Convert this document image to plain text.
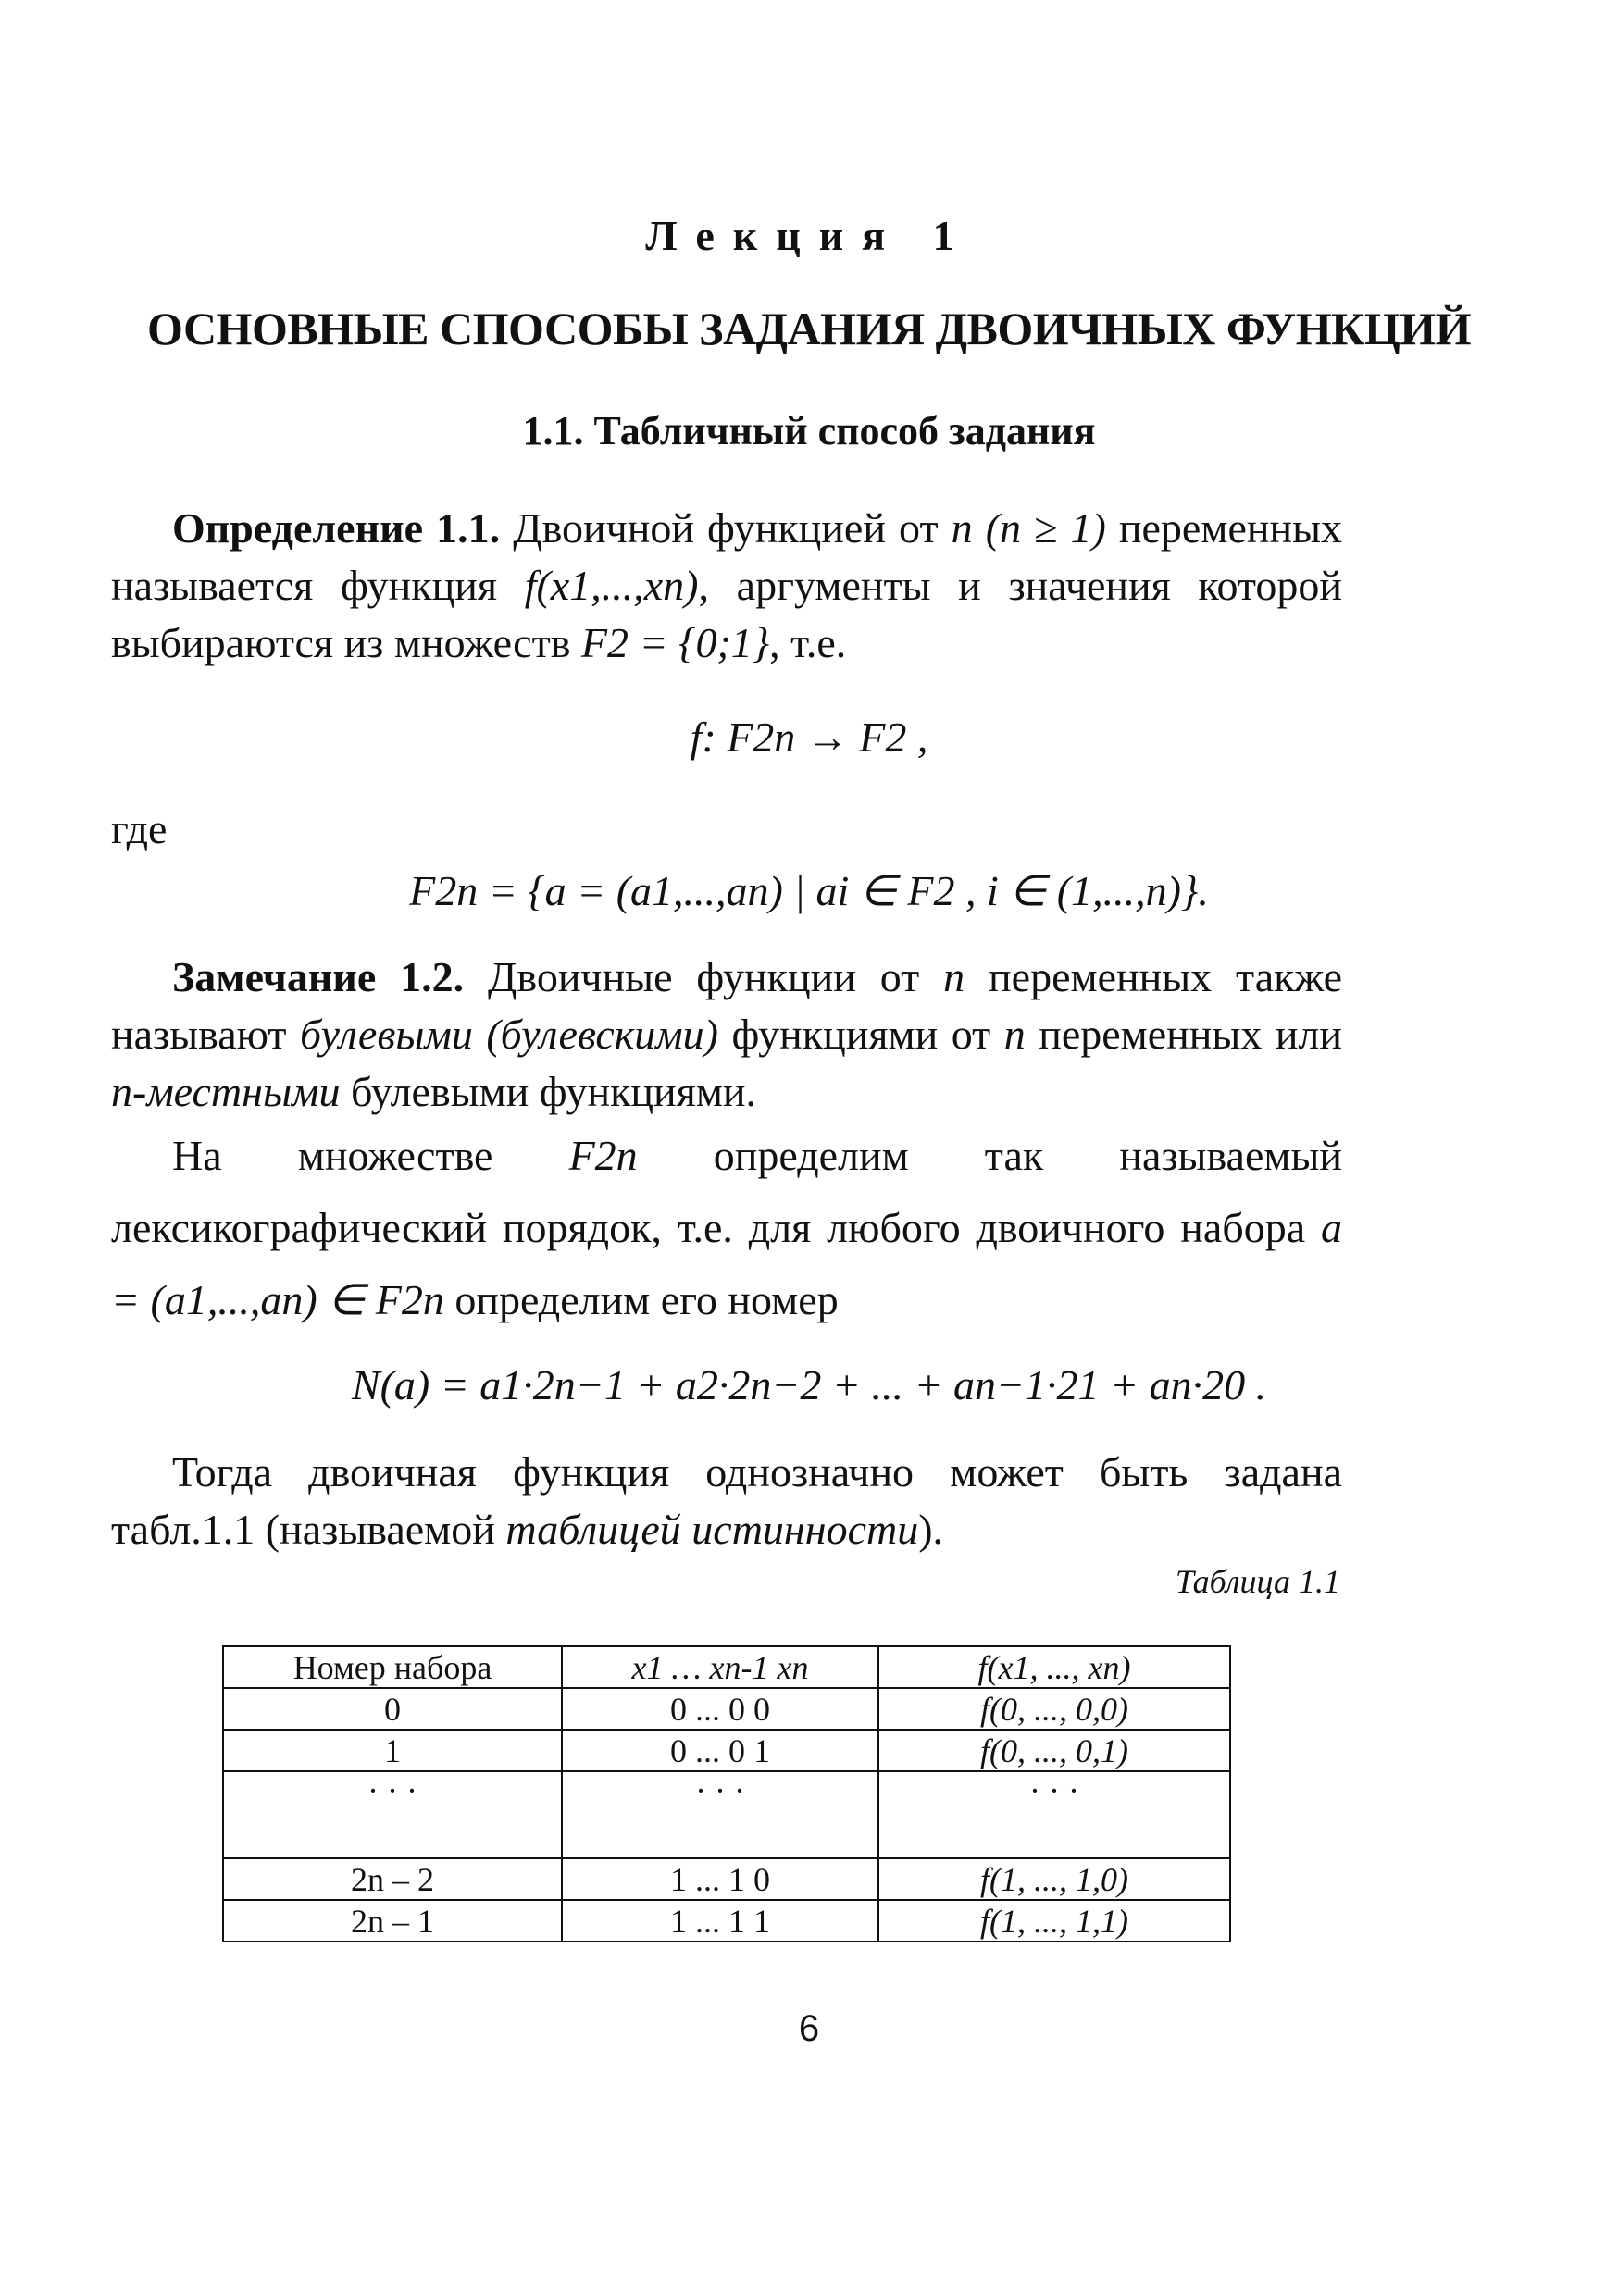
Лекция 1
ОСНОВНЫЕ СПОСОБЫ ЗАДАНИЯ ДВОИЧНЫХ ФУНКЦИЙ
1.1. Табличный способ задания
Определение 1.1. Двоичной функцией от n (n ≥ 1) переменных называется функция f(x1,...,xn), аргументы и значения которой выбираются из множеств F2 = {0;1}, т.е.
f: F2n → F2 ,
где
F2n = {a = (a1,...,an) | ai ∈ F2 , i ∈ (1,...,n)}.
Замечание 1.2. Двоичные функции от n переменных также называют булевыми (булевскими) функциями от n переменных или n-местными булевыми функциями.
На множестве F2n определим так называемый лексикографический порядок, т.е. для любого двоичного набора a = (a1,...,an) ∈ F2n определим его номер
N(a) = a1·2n−1 + a2·2n−2 + ... + an−1·21 + an·20 .
Тогда двоичная функция однозначно может быть задана табл.1.1 (называемой таблицей истинности).
Таблица 1.1
Номер набора	x1 … xn-1 xn	f(x1, ..., xn)
0	0 ... 0 0	f(0, ..., 0,0)
1	0 ... 0 1	f(0, ..., 0,1)
· · ·	· · ·	· · ·
2n – 2	1 ... 1 0	f(1, ..., 1,0)
2n – 1	1 ... 1 1	f(1, ..., 1,1)
6
